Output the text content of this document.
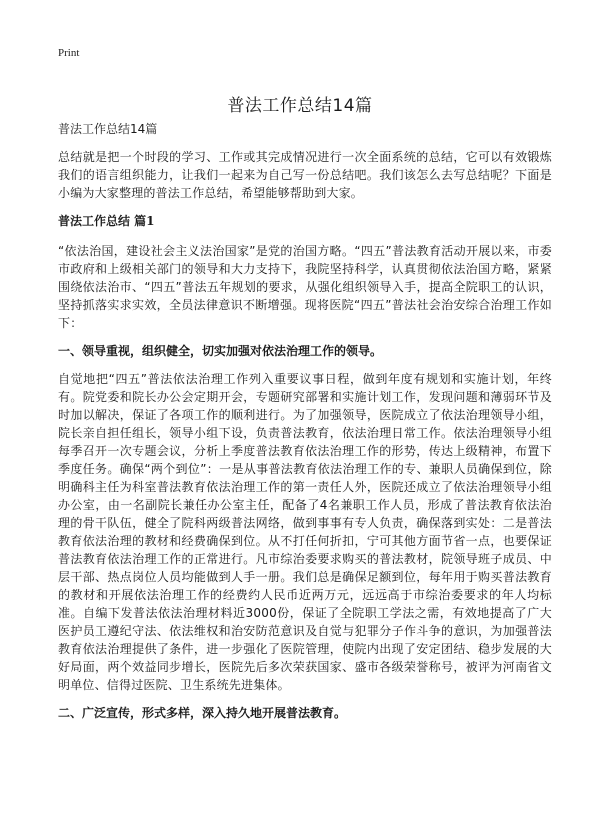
Print
普法工作总结14篇

普法工作总结14篇

总结就是把一个时段的学习、工作或其完成情况进行一次全面系统的总结，它可以有效锻炼我们的语言组织能力，让我们一起来为自己写一份总结吧。我们该怎么去写总结呢？下面是小编为大家整理的普法工作总结，希望能够帮助到大家。

普法工作总结 篇1

“依法治国，建设社会主义法治国家”是党的治国方略。“四五”普法教育活动开展以来，市委市政府和上级相关部门的领导和大力支持下，我院坚持科学，认真贯彻依法治国方略，紧紧围绕依法治市、“四五”普法五年规划的要求，从强化组织领导入手，提高全院职工的认识，坚持抓落实求实效，全员法律意识不断增强。现将医院“四五”普法社会治安综合治理工作如下：

一、领导重视，组织健全，切实加强对依法治理工作的领导。

自觉地把“四五”普法依法治理工作列入重要议事日程，做到年度有规划和实施计划，年终有。院党委和院长办公会定期开会，专题研究部署和实施计划工作，发现问题和薄弱环节及时加以解决，保证了各项工作的顺利进行。为了加强领导，医院成立了依法治理领导小组，院长亲自担任组长，领导小组下设，负责普法教育，依法治理日常工作。依法治理领导小组每季召开一次专题会议，分析上季度普法教育依法治理工作的形势，传达上级精神，布置下季度任务。确保“两个到位”：一是从事普法教育依法治理工作的专、兼职人员确保到位，除明确科主任为科室普法教育依法治理工作的第一责任人外，医院还成立了依法治理领导小组办公室，由一名副院长兼任办公室主任，配备了4名兼职工作人员，形成了普法教育依法治理的骨干队伍，健全了院科两级普法网络，做到事事有专人负责，确保落到实处：二是普法教育依法治理的教材和经费确保到位。从不打任何折扣，宁可其他方面节省一点，也要保证普法教育依法治理工作的正常进行。凡市综治委要求购买的普法教材，院领导班子成员、中层干部、热点岗位人员均能做到人手一册。我们总是确保足额到位，每年用于购买普法教育的教材和开展依法治理工作的经费约人民币近两万元，远远高于市综治委要求的年人均标准。自编下发普法依法治理材料近3000份，保证了全院职工学法之需，有效地提高了广大医护员工遵纪守法、依法维权和治安防范意识及自觉与犯罪分子作斗争的意识，为加强普法教育依法治理提供了条件，进一步强化了医院管理，使院内出现了安定团结、稳步发展的大好局面，两个效益同步增长，医院先后多次荣获国家、盛市各级荣誉称号，被评为河南省文明单位、信得过医院、卫生系统先进集体。

二、广泛宣传，形式多样，深入持久地开展普法教育。
